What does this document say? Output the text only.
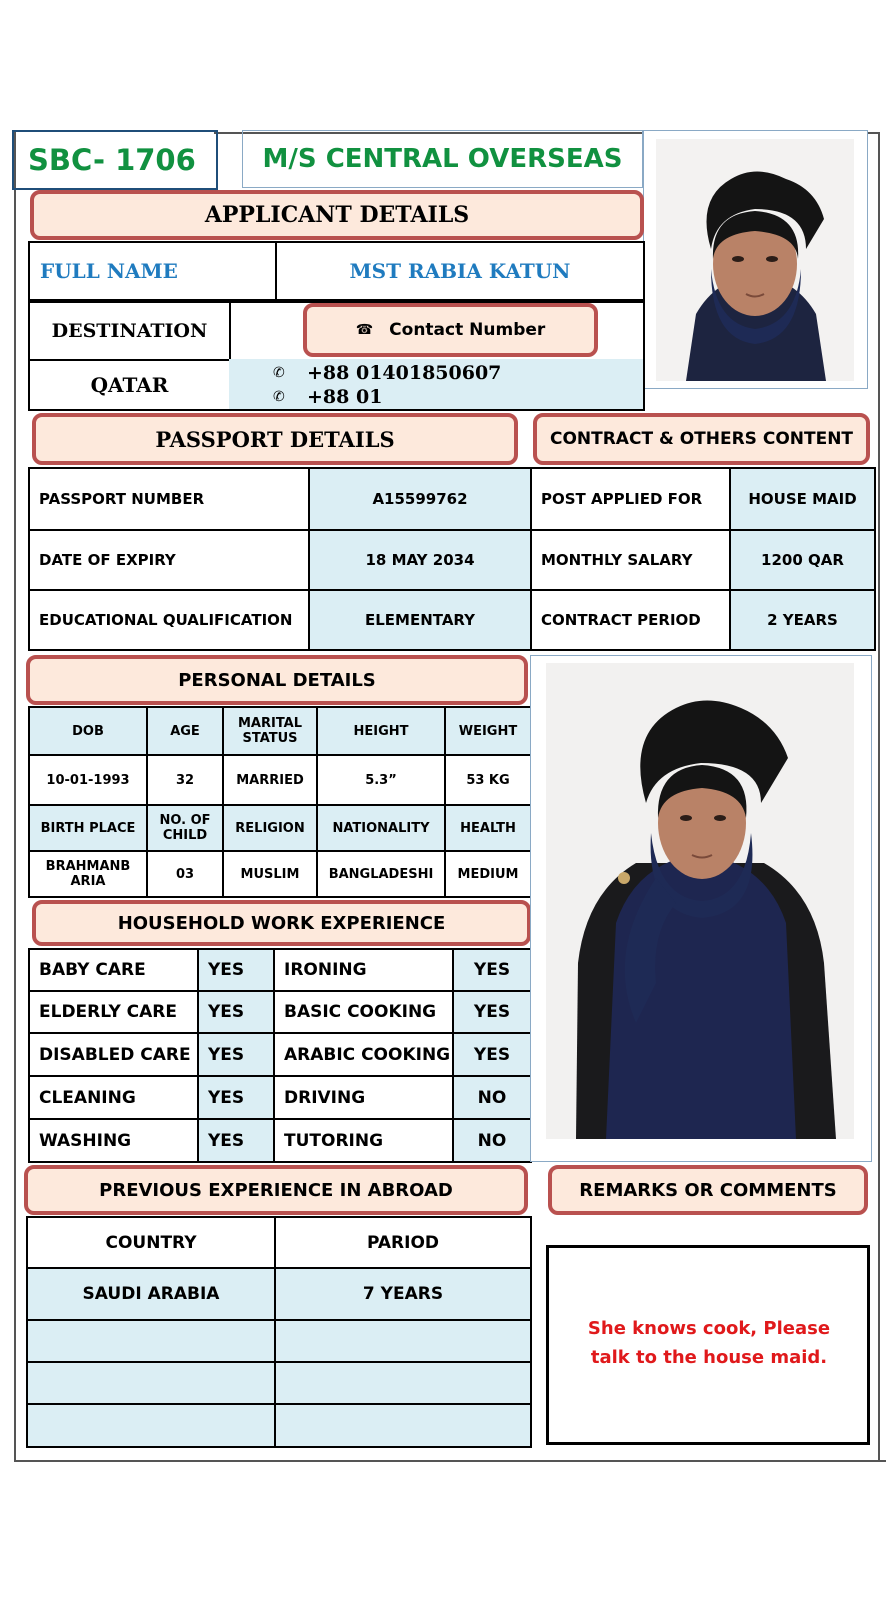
SBC- 1706	M/S CENTRAL OVERSEAS
APPLICANT DETAILS
FULL NAME	MST RABIA KATUN
DESTINATION	☎ Contact Number
QATAR	✆	+88 01401850607
✆	+88 01
PASSPORT DETAILS	CONTRACT & OTHERS CONTENT
PASSPORT NUMBER	A15599762	POST APPLIED FOR	HOUSE MAID
DATE OF EXPIRY	18 MAY 2034	MONTHLY SALARY	1200 QAR
EDUCATIONAL QUALIFICATION	ELEMENTARY	CONTRACT PERIOD	2 YEARS
PERSONAL DETAILS
DOB	AGE	MARITAL STATUS	HEIGHT	WEIGHT
10-01-1993	32	MARRIED	5.3”	53 KG
BIRTH PLACE	NO. OF CHILD	RELIGION	NATIONALITY	HEALTH
BRAHMANB ARIA	03	MUSLIM	BANGLADESHI	MEDIUM
HOUSEHOLD WORK EXPERIENCE
BABY CARE	YES	IRONING	YES
ELDERLY CARE	YES	BASIC COOKING	YES
DISABLED CARE	YES	ARABIC COOKING	YES
CLEANING	YES	DRIVING	NO
WASHING	YES	TUTORING	NO
PREVIOUS EXPERIENCE IN ABROAD	REMARKS OR COMMENTS
COUNTRY	PARIOD
SAUDI ARABIA	7 YEARS

She knows cook, Please talk to the house maid.
